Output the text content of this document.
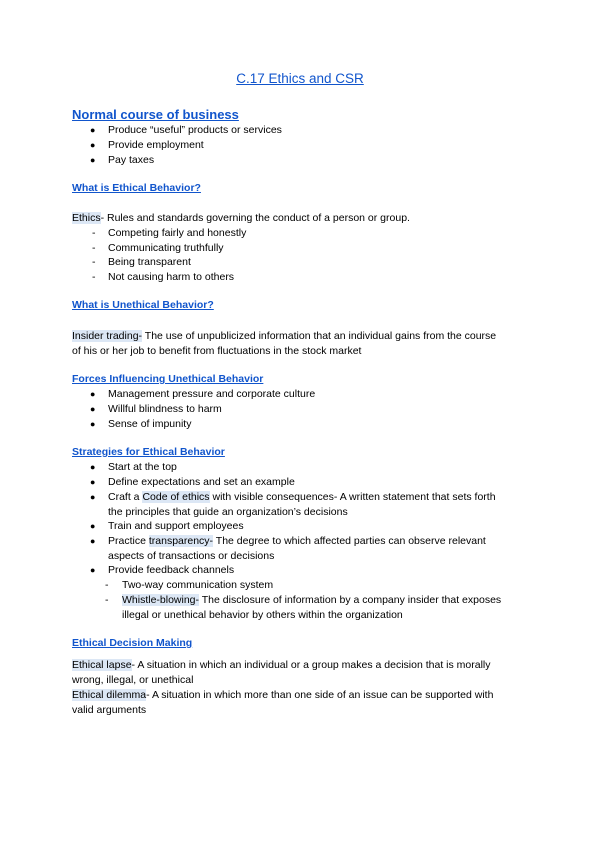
C.17 Ethics and CSR
Normal course of business
● Produce “useful” products or services
● Provide employment
● Pay taxes
What is Ethical Behavior?
Ethics- Rules and standards governing the conduct of a person or group.
- Competing fairly and honestly
- Communicating truthfully
- Being transparent
- Not causing harm to others
What is Unethical Behavior?
Insider trading- The use of unpublicized information that an individual gains from the course
of his or her job to benefit from fluctuations in the stock market
Forces Influencing Unethical Behavior
● Management pressure and corporate culture
● Willful blindness to harm
● Sense of impunity
Strategies for Ethical Behavior
● Start at the top
● Define expectations and set an example
● Craft a Code of ethics with visible consequences- A written statement that sets forth
the principles that guide an organization’s decisions
● Train and support employees
● Practice transparency- The degree to which affected parties can observe relevant
aspects of transactions or decisions
● Provide feedback channels
- Two-way communication system
- Whistle-blowing- The disclosure of information by a company insider that exposes
illegal or unethical behavior by others within the organization
Ethical Decision Making
Ethical lapse- A situation in which an individual or a group makes a decision that is morally
wrong, illegal, or unethical
Ethical dilemma- A situation in which more than one side of an issue can be supported with
valid arguments
